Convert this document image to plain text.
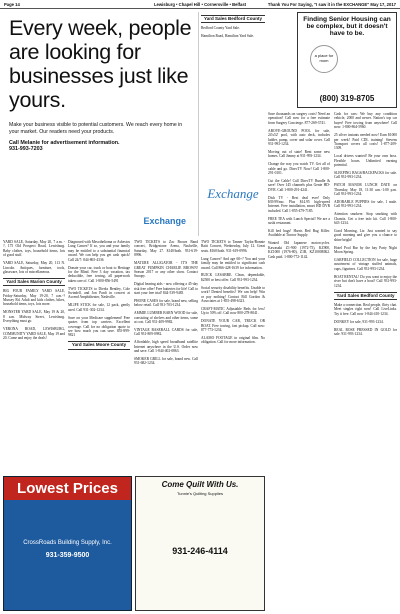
Page 14	Lewisburg • Chapel Hill • Cornersville • Belfast	Thank You For Saying, "I saw it in the EXCHANGE" May 17, 2017
Every week, people are looking for businesses just like yours.

Make your business visible to potential customers. We reach every home in your market. Our readers need your products.

Call Melanie for advertisement information.
931-993-7203
Exchange
Yard Sales Bedford County
Bedford County Yard Sale.
Hamilton Road, Hamilton Yard Sale.
Exchange
Finding Senior Housing can be complex, but it doesn't have to be.
a place for mom
(800) 319-8705
YARD SALE, Saturday, May 20, 7 a.m. - ?, 175 Old Prospect Road, Lewisburg. Baby clothes, toys, household items, lots of good stuff.
YARD SALE, Saturday, May 20, 113 N. Lincoln. Antiques, furniture, tools, glassware, lots of miscellaneous.
Yard Sales Marion County
BIG FOUR FAMILY YARD SALE, Friday-Saturday, May 19-20, 7 a.m.-? Mussey Rd. Adult and kids clothes, bikes, household items, toys, lots more.
MONSTER YARD SALE, May 19 & 20, 8 a.m. Midway Street, Lewisburg. Everything must go.
VERONA ROAD, LEWISBURG, COMMUNITY YARD SALE, May 19 and 20. Come and enjoy the deals!
Diagnosed with Mesothelioma or Asbestos Lung Cancer? If so, you and your family may be entitled to a substantial financial award. We can help you get cash quick! Call 24/7: 844-865-4336
Donate your car, truck or boat to Heritage for the Blind. Free 3 day vacation, tax deductible, free towing, all paperwork taken care of. Call 1-800-856-5491
TWO TICKETS to Dierks Bentley, Cole Swindell, and Jon Pardi in concert at Ascend Amphitheater, Nashville.
MLIFE STICK for sale, 12 pack, gently used. Call 931-302-1234.
Save on your Medicare supplement! Free quotes from top carriers. Excellent coverage. Call for no obligation quote to see how much you can save. 855-899-9821
Yard Sales Moore County
TWO TICKETS to Zac Brown Band concert, Bridgestone Arena, Nashville, Saturday, May 27. $140/both. 931-619-0996.
MATURE ALLIGATOR - IT'S THE GREAT PUMPKIN CHARLIE BROWN! Season 2017 or any other show. Contact Snoopy.
Digital hearing aids - now offering a 45-day risk free offer! Free batteries for life! Call to start your free trial! 844-539-9483
PHONE CASES for sale, brand new, selling below retail. Call 931-703-1234.
AMMIE LUMBER BARN WOOD for sale, consisting of shelves and other items, some at cost. Call 931-409-9982.
VINTAGE BASEBALL CARDS for sale, Call 931-809-0982.
Affordable, high speed broadband satellite Internet anywhere in the U.S. Order now and save. Call 1-844-402-0863.
SMOKER GRILL for sale, brand new. Call 931-682-1234.
TWO TICKETS to Tanner Taylor/Bonnie Raitt Concert, Wednesday, July 12. Great seats. $160/both. 931-619-0996.
Lung Cancer? And age 60+? You and your family may be entitled to significant cash award. Call 866-428-1639 for information.
BUICK LESABRE. Clean, dependable, $2500 or best offer. Call 931-993-1234.
Social security disability benefits. Unable to work? Denied benefits? We can help! Win or pay nothing! Contact Bill Gordon & Associates at 1-855-498-6323.
CRAFT-MATIC Adjustable Beds for less! Up to 50% off. Call now 800-278-8041.
DONATE YOUR CAR, TRUCK OR BOAT. Free towing, fast pickup. Call now: 877-773-1234.
ALAMO FOOTAGE in original film. No obligation. Call for more information.
Save thousands on surgery costs! Need an operation? Call now for a free estimate from Surgery Concierge. 877-269-3741.
ABOVE-GROUND POOL for sale, 24'x52' pool, with auto deck, includes ladder, pump, cover and solar cover. Call 931-993-1234.
Moving out of state! Rent some new homes. Call Jimmy at 931-993-1234.
Change the way you watch TV. Get all of cable and go. DirecTV Now! Call 1-800-291-0101.
Cut the Cable! Call DirecTV Bundle & save! Over 145 channels plus Genie HD-DVR. Call 1-800-291-4241.
Dish TV - Best deal ever! Only $39.99/mo. Plus $14.95 high-speed Internet. Free installation, smart HD DVR included. Call 1-855-479-7185.
FREE TEA with Lunch Special! We are a sushi restaurant.
Kill bed bugs! Harris Bed Bug Killer. Available at Tractor Supply.
Wanted Old Japanese motorcycles. Kawasaki Z1-900 (1972-75), KZ900, KZ1000 (1976-80), Z1R, KZ1000MK2. Cash paid. 1-800-772-1142.
Cash for cars: We buy any condition vehicle, 2000 and newer. Nation's top car buyer! Free towing from anywhere! Call now: 1-800-864-5960.
25 silver instants needed now! Earn $1000 per week! Paid CDL training! Stevens Transport covers all costs! 1-877-209-1309.
Local drivers wanted! Be your own boss. Flexible hours. Unlimited earning potential.
SLEEPING BAGS/BACKPACKS for sale. Call 931-993-1234.
PATCH MANOR LUNCH DATE on Thursday, May 18, 11:30 a.m.-1:00 p.m. Call 931-993-1234.
ADORABLE PUPPIES for sale, 1 male. Call 931-993-1234.
Attention smokers: Stop smoking with Chantix. Get a free info kit. Call 1-800-643-1234.
Good Morning, Lis: Just wanted to say good morning and give you a chance to shine bright!
Hotel Pool Bar by the bay Party Night Moon Spring.
GARFIELD COLLECTION for sale, huge assortment of vintage stuffed animals, cups, figurines. Call 931-993-1234.
BOAT RENTAL! Do you want to enjoy the river but don't have a boat? Call 931-993-1234.
Yard Sales Bedford County
Make a connection. Real people, flirty chat. Meet singles right now! Call LiveLinks. Try it free. Call now 1-844-410-1234.
DONKEY for sale, 931-993-1234.
REAL ROSE PRESSED IN GOLD for sale. 931-993-1234.
Lowest Prices
CrossRoads Building Supply, Inc.
931-359-9500
Come Quilt With Us.
Tunnie's Quilting Supplies
931-246-4114
